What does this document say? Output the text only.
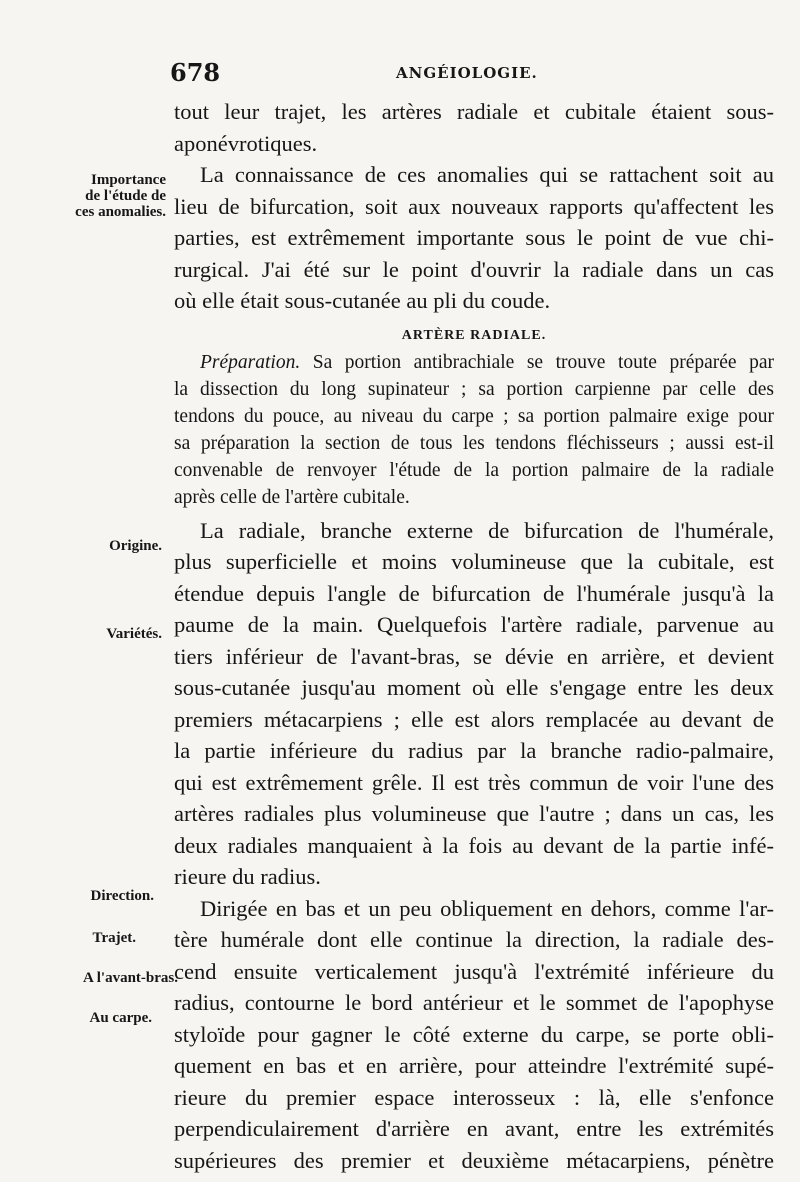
678	ANGÉIOLOGIE.
Importance
de l'étude de
ces anomalies.
Origine.
Variétés.
Direction.
Trajet.
A l'avant-bras.
Au carpe.
tout leur trajet, les artères radiale et cubitale étaient sous-
aponévrotiques.
La connaissance de ces anomalies qui se rattachent soit au
lieu de bifurcation, soit aux nouveaux rapports qu'affectent les
parties, est extrêmement importante sous le point de vue chi-
rurgical. J'ai été sur le point d'ouvrir la radiale dans un cas
où elle était sous-cutanée au pli du coude.
ARTÈRE RADIALE.
Préparation. Sa portion antibrachiale se trouve toute préparée par
la dissection du long supinateur ; sa portion carpienne par celle des
tendons du pouce, au niveau du carpe ; sa portion palmaire exige pour
sa préparation la section de tous les tendons fléchisseurs ; aussi est-il
convenable de renvoyer l'étude de la portion palmaire de la radiale
après celle de l'artère cubitale.
La radiale, branche externe de bifurcation de l'humérale,
plus superficielle et moins volumineuse que la cubitale, est
étendue depuis l'angle de bifurcation de l'humérale jusqu'à la
paume de la main. Quelquefois l'artère radiale, parvenue au
tiers inférieur de l'avant-bras, se dévie en arrière, et devient
sous-cutanée jusqu'au moment où elle s'engage entre les deux
premiers métacarpiens ; elle est alors remplacée au devant de
la partie inférieure du radius par la branche radio-palmaire,
qui est extrêmement grêle. Il est très commun de voir l'une des
artères radiales plus volumineuse que l'autre ; dans un cas, les
deux radiales manquaient à la fois au devant de la partie infé-
rieure du radius.
Dirigée en bas et un peu obliquement en dehors, comme l'ar-
tère humérale dont elle continue la direction, la radiale des-
cend ensuite verticalement jusqu'à l'extrémité inférieure du
radius, contourne le bord antérieur et le sommet de l'apophyse
styloïde pour gagner le côté externe du carpe, se porte obli-
quement en bas et en arrière, pour atteindre l'extrémité supé-
rieure du premier espace interosseux : là, elle s'enfonce
perpendiculairement d'arrière en avant, entre les extrémités
supérieures des premier et deuxième métacarpiens, pénètre
